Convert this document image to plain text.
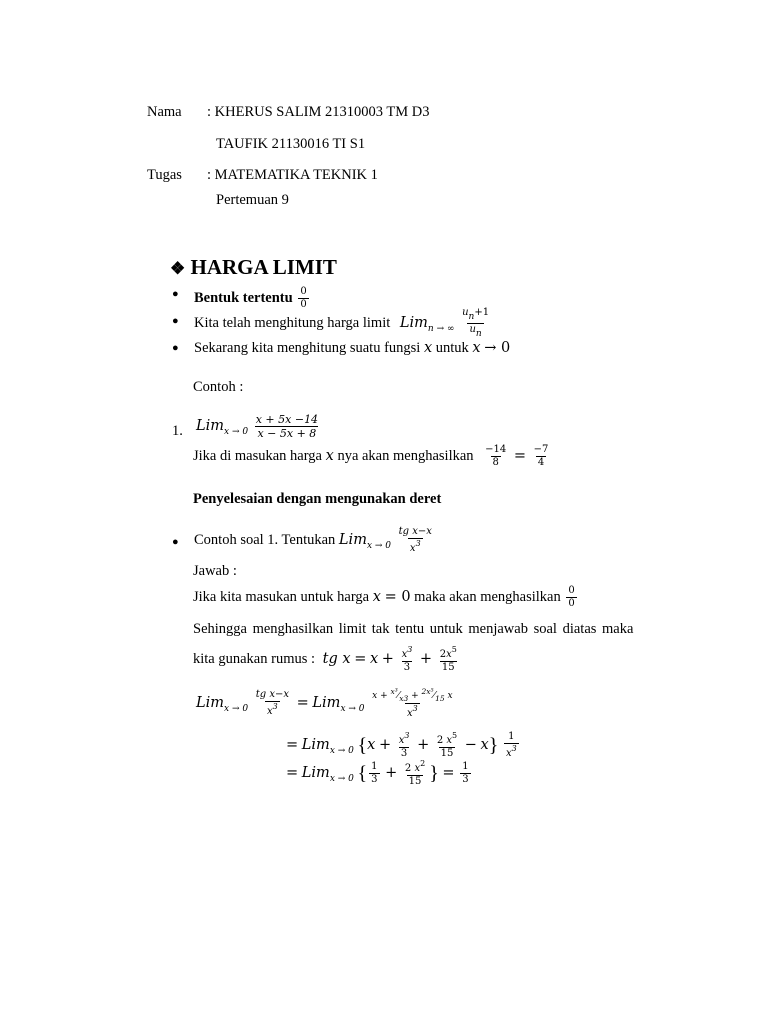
Nama : KHERUS SALIM 21310003 TM D3
TAUFIK 21130016 TI S1
Tugas : MATEMATIKA TEKNIK 1
Pertemuan 9
❖ HARGA LIMIT
● Bentuk tertentu $\frac{0}{0}$
● Kita telah menghitung harga limit $Lim_{n \to \infty} \frac{un+1}{un}$
● Sekarang kita menghitung suatu fungsi x untuk x → 0
Contoh :
1. $Lim_{x \to 0} \frac{x + 5x -14}{x - 5x + 8}$
Jika di masukan harga x nya akan menghasilkan $\frac{-14}{8} = \frac{-7}{4}$
Penyelesaian dengan mengunakan deret
● Contoh soal 1. Tentukan $Lim_{x \to 0} \frac{\text{tg x−x}}{x^3}$
Jawab :
Jika kita masukan untuk harga x = 0 maka akan menghasilkan $\frac{0}{0}$
Sehingga menghasilkan limit tak tentu untuk menjawab soal diatas maka
kita gunakan rumus : tg $x = x + \frac{x^3}{3} + \frac{2x^5}{15}$
$Lim_{x \to 0} \frac{\text{tg x−x}}{x^3} = Lim_{x \to 0} \frac{x + ^{x^3}⁄_{x3} + ^{2x^5}⁄_{15} x}{x^3}$
= Lim$_{x \to 0}$ $\{x + \frac{x^3}{3} + \frac{2 x^5}{15} - x\} \frac{1}{x^3}$
= Lim$_{x \to 0}$ { $\frac{1}{3} + \frac{2 x^2}{15}$ } = $\frac{1}{3}$
